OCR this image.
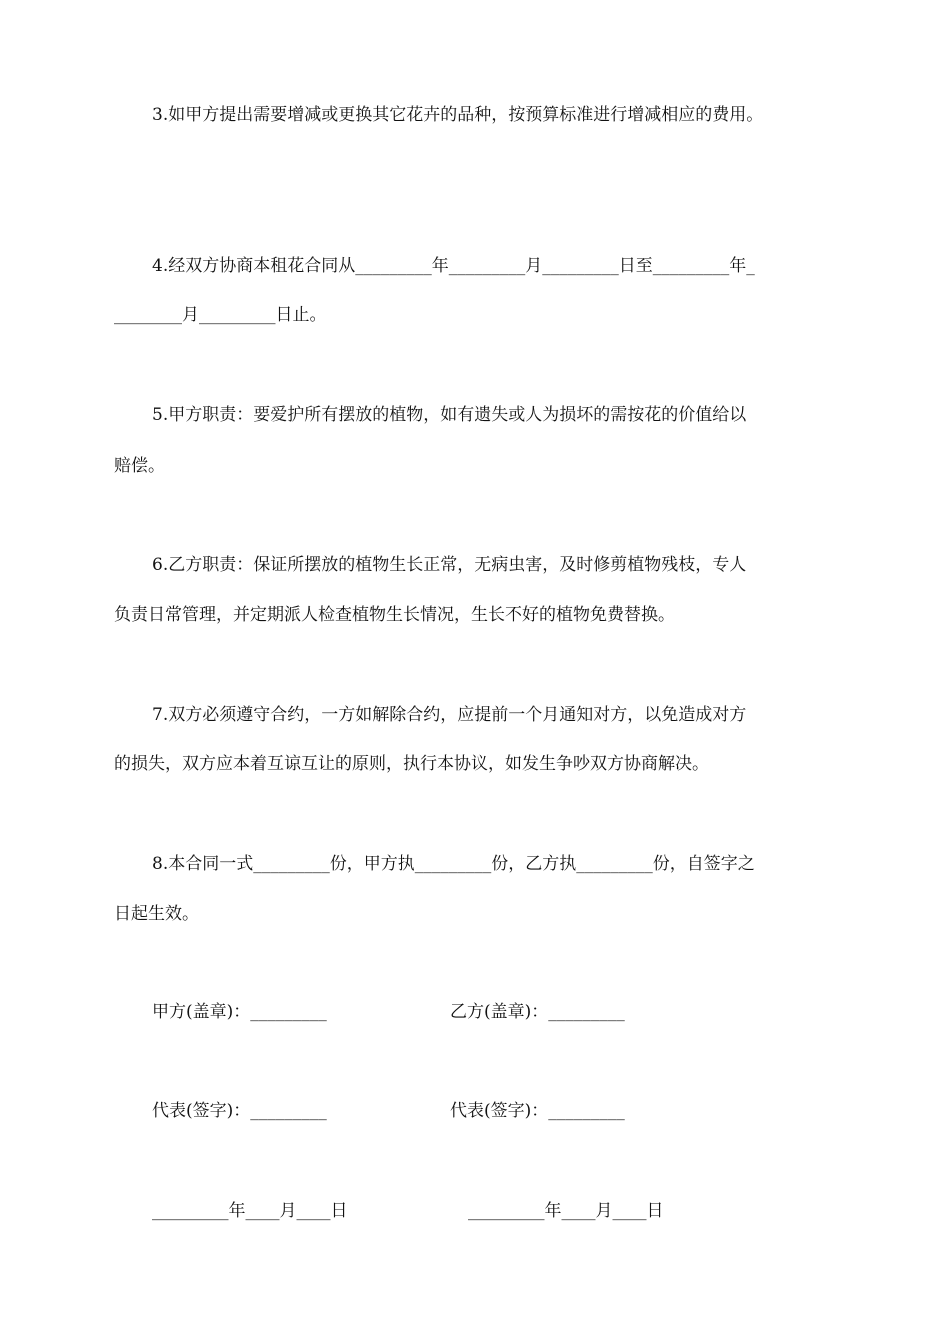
3.如甲方提出需要增减或更换其它花卉的品种，按预算标准进行增减相应的费用。
4.经双方协商本租花合同从_________年_________月_________日至_________年_
________月_________日止。
5.甲方职责：要爱护所有摆放的植物，如有遗失或人为损坏的需按花的价值给以
赔偿。
6.乙方职责：保证所摆放的植物生长正常，无病虫害，及时修剪植物残枝，专人
负责日常管理，并定期派人检查植物生长情况，生长不好的植物免费替换。
7.双方必须遵守合约，一方如解除合约，应提前一个月通知对方，以免造成对方
的损失，双方应本着互谅互让的原则，执行本协议，如发生争吵双方协商解决。
8.本合同一式_________份，甲方执_________份，乙方执_________份，自签字之
日起生效。
甲方(盖章)：_________	乙方(盖章)：_________
代表(签字)：_________	代表(签字)：_________
_________年____月____日	_________年____月____日
